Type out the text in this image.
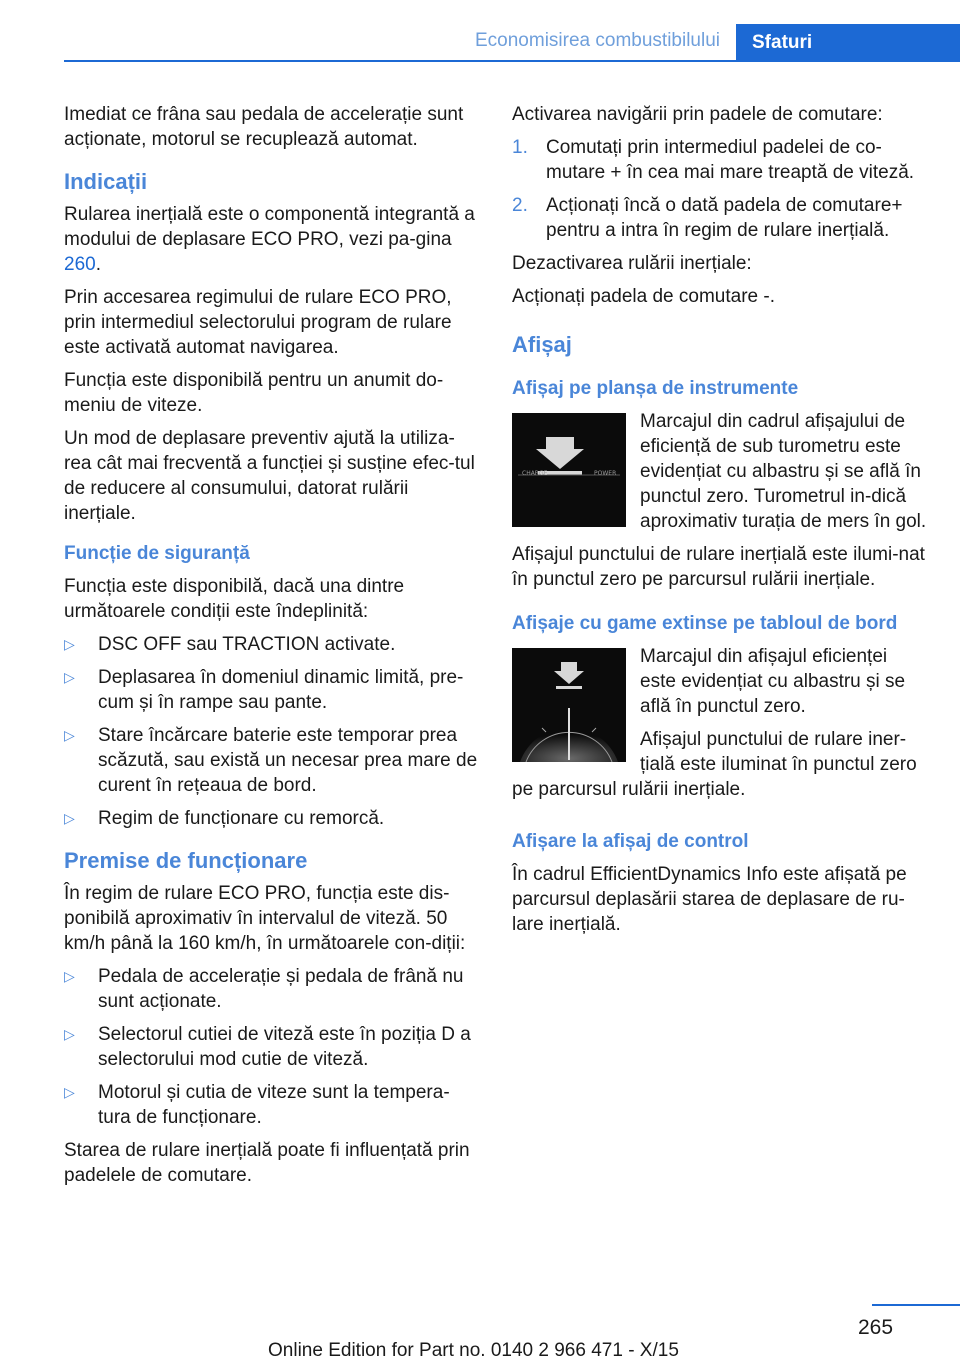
Economisirea combustibilului	Sfaturi

Imediat ce frâna sau pedala de accelerație sunt acționate, motorul se recuplează automat.

Indicații

Rularea inerțială este o componentă integrantă a modului de deplasare ECO PRO, vezi pa‐gina 260.

Prin accesarea regimului de rulare ECO PRO, prin intermediul selectorului program de rulare este activată automat navigarea.

Funcția este disponibilă pentru un anumit do‐meniu de viteze.

Un mod de deplasare preventiv ajută la utiliza‐rea cât mai frecventă a funcției și susține efec‐tul de reducere al consumului, datorat rulării inerțiale.

Funcție de siguranță

Funcția este disponibilă, dacă una dintre următoarele condiții este îndeplinită:

▷ DSC OFF sau TRACTION activate.
▷ Deplasarea în domeniul dinamic limită, pre‐cum și în rampe sau pante.
▷ Stare încărcare baterie este temporar prea scăzută, sau există un necesar prea mare de curent în rețeaua de bord.
▷ Regim de funcționare cu remorcă.
Premise de funcționare

În regim de rulare ECO PRO, funcția este dis‐ponibilă aproximativ în intervalul de viteză. 50 km/h până la 160 km/h, în următoarele con‐diții:

▷ Pedala de accelerație și pedala de frână nu sunt acționate.
▷ Selectorul cutiei de viteză este în poziția D a selectorului mod cutie de viteză.
▷ Motorul și cutia de viteze sunt la tempera‐tura de funcționare.

Starea de rulare inerțială poate fi influențată prin padelele de comutare.

Activarea navigării prin padele de comutare:

1. Comutați prin intermediul padelei de co‐mutare + în cea mai mare treaptă de viteză.
2. Acționați încă o dată padela de comutare+ pentru a intra în regim de rulare inerțială.

Dezactivarea rulării inerțiale:

Acționați padela de comutare -.

Afișaj
Afișaj pe planșa de instrumente
CHARGE	POWER

Marcajul din cadrul afișajului de eficiență de sub turometru este evidențiat cu albastru și se află în punctul zero. Turometrul in‐dică aproximativ turația de mers în gol.

Afișajul punctului de rulare inerțială este ilumi‐nat în punctul zero pe parcursul rulării inerțiale.

Afișaje cu game extinse pe tabloul de bord

Marcajul din afișajul eficienței este evidențiat cu albastru și se află în punctul zero.

Afișajul punctului de rulare iner‐țială este iluminat în punctul zero pe parcursul rulării inerțiale.

Afișare la afișaj de control

În cadrul EfficientDynamics Info este afișată pe parcursul deplasării starea de deplasare de ru‐lare inerțială.

265
Online Edition for Part no. 0140 2 966 471 - X/15
